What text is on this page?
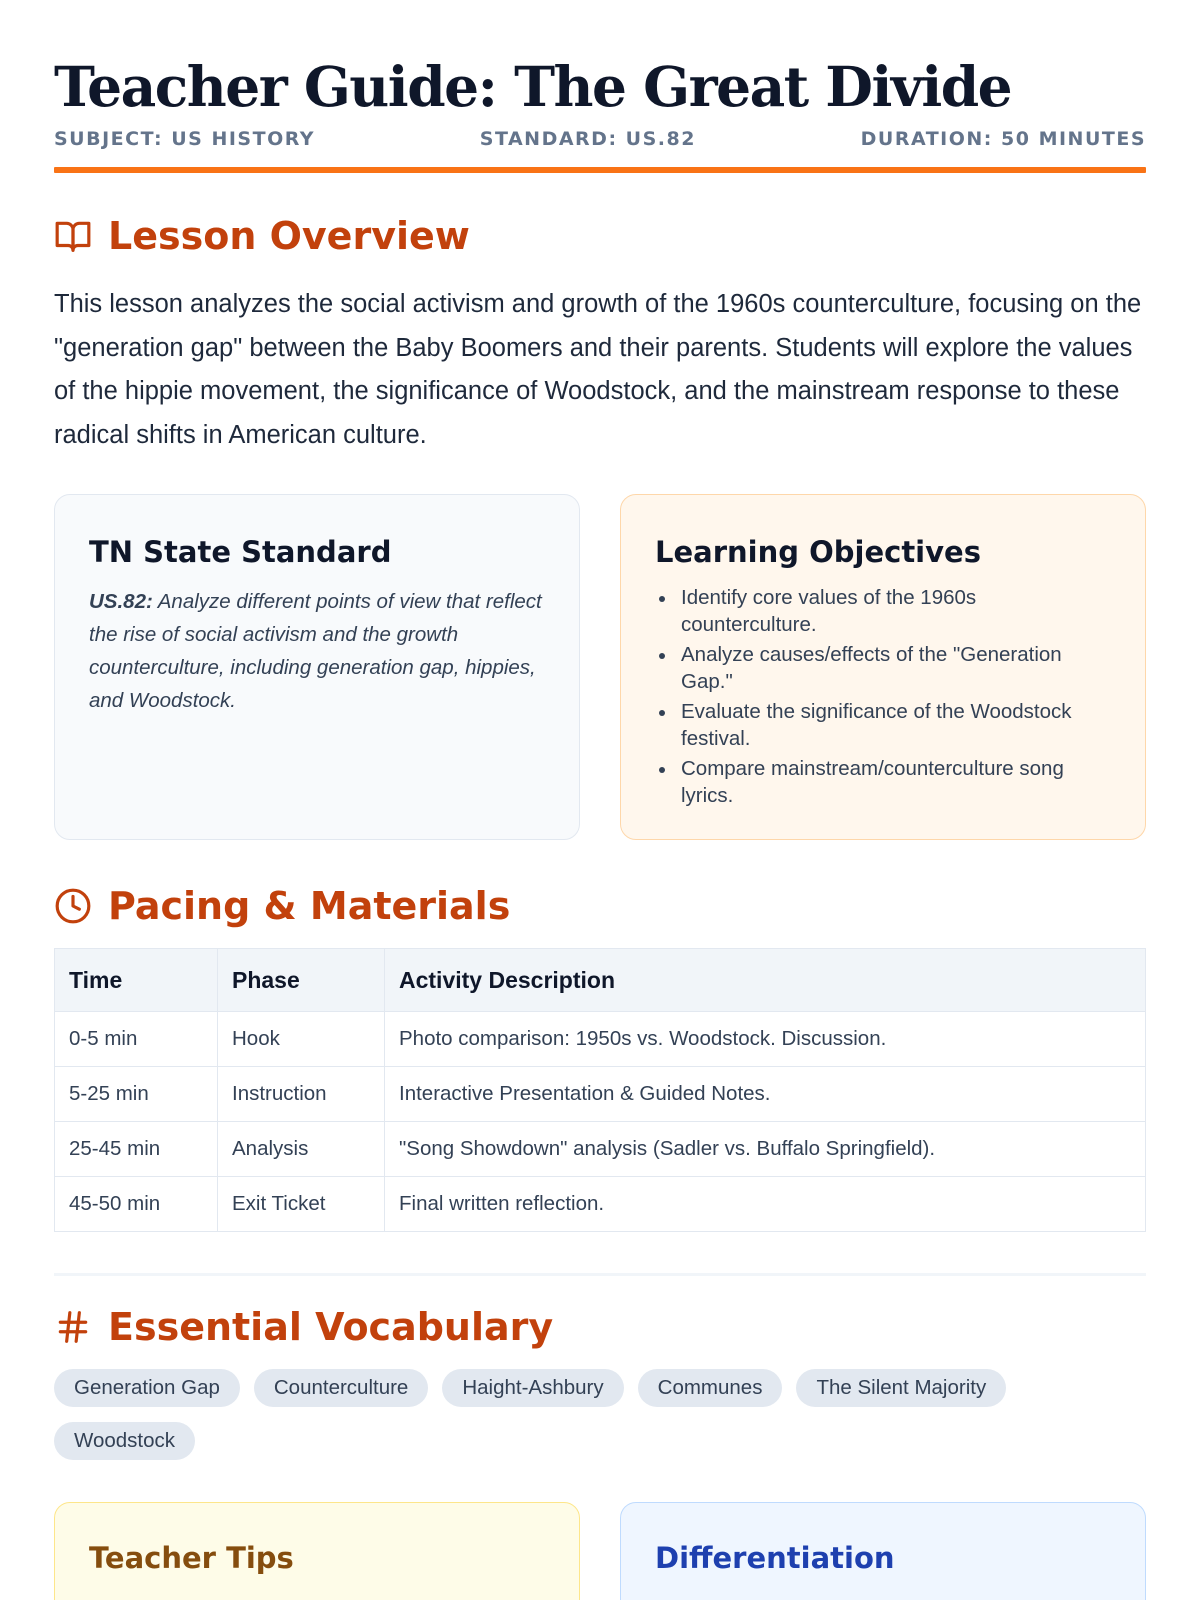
Teacher Guide: The Great Divide
SUBJECT: US HISTORY	STANDARD: US.82	DURATION: 50 MINUTES
Lesson Overview

This lesson analyzes the social activism and growth of the 1960s counterculture, focusing on the "generation gap" between the Baby Boomers and their parents. Students will explore the values of the hippie movement, the significance of Woodstock, and the mainstream response to these radical shifts in American culture.

TN State Standard

US.82: Analyze different points of view that reflect the rise of social activism and the growth counterculture, including generation gap, hippies, and Woodstock.

Learning Objectives
Identify core values of the 1960s counterculture.
Analyze causes/effects of the "Generation Gap."
Evaluate the significance of the Woodstock festival.
Compare mainstream/counterculture song lyrics.
Pacing & Materials
Time	Phase	Activity Description
0-5 min	Hook	Photo comparison: 1950s vs. Woodstock. Discussion.
5-25 min	Instruction	Interactive Presentation & Guided Notes.
25-45 min	Analysis	"Song Showdown" analysis (Sadler vs. Buffalo Springfield).
45-50 min	Exit Ticket	Final written reflection.
Essential Vocabulary
Generation Gap	Counterculture	Haight-Ashbury	Communes	The Silent Majority
Woodstock
Teacher Tips	Differentiation
